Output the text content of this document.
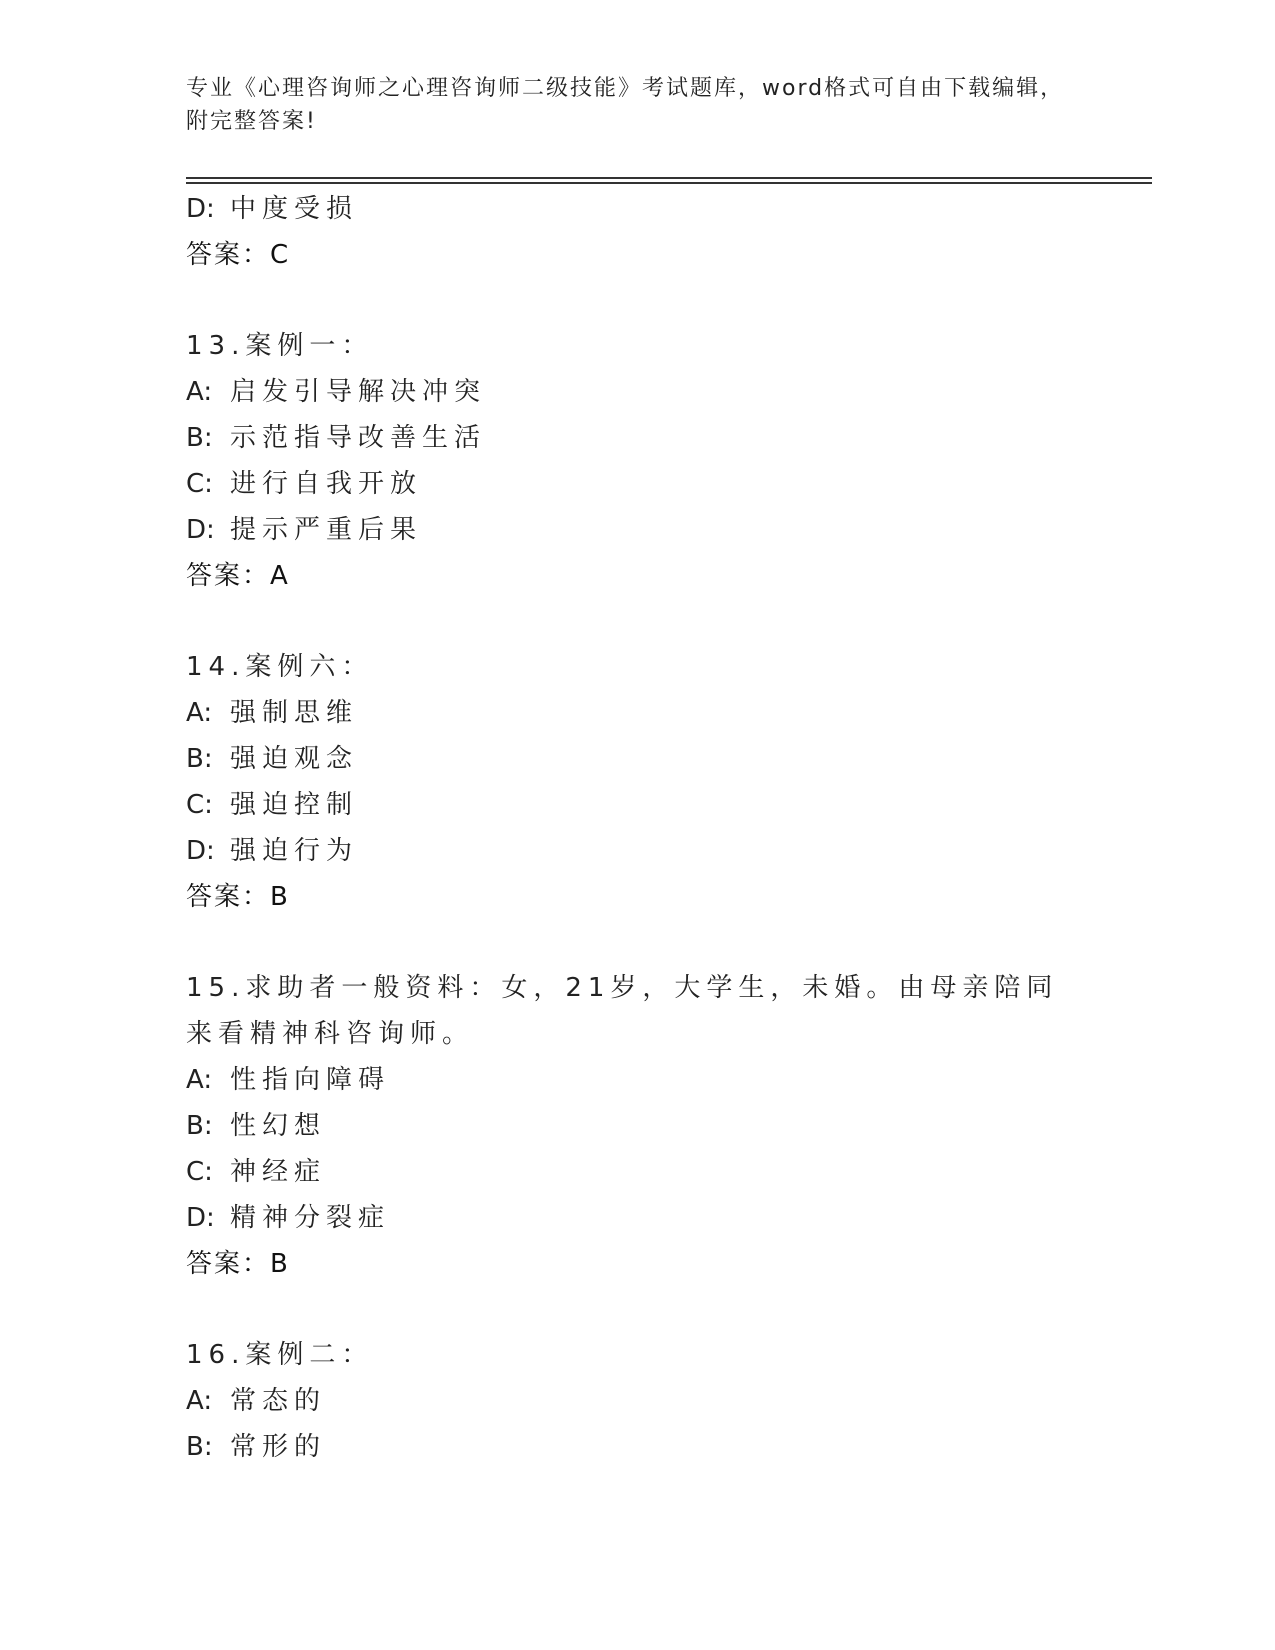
专业《心理咨询师之心理咨询师二级技能》考试题库，word格式可自由下载编辑，附完整答案!
D: 中度受损
答案：C
13.案例一：
A: 启发引导解决冲突
B: 示范指导改善生活
C: 进行自我开放
D: 提示严重后果
答案：A
14.案例六：
A: 强制思维
B: 强迫观念
C: 强迫控制
D: 强迫行为
答案：B
15.求助者一般资料：女，21岁，大学生，未婚。由母亲陪同来看精神科咨询师。
A: 性指向障碍
B: 性幻想
C: 神经症
D: 精神分裂症
答案：B
16.案例二：
A: 常态的
B: 常形的
